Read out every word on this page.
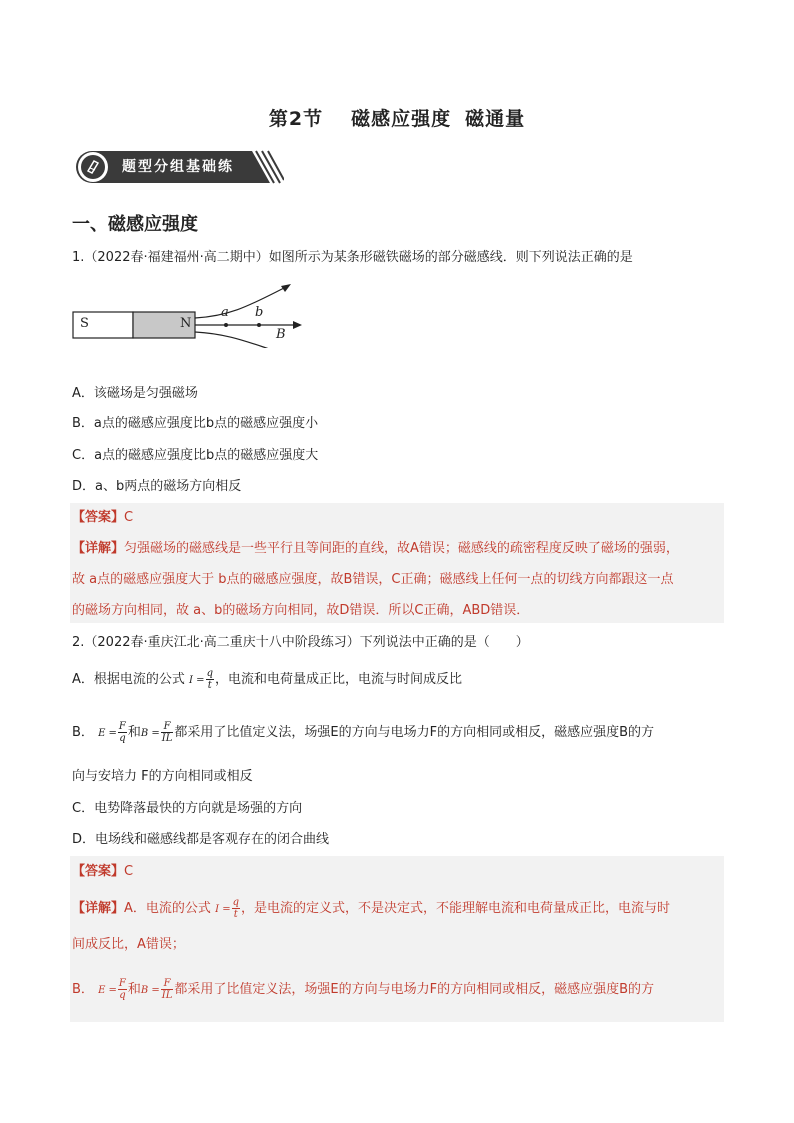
第2节 磁感应强度 磁通量
题型分组基础练
一、磁感应强度
1.（2022春·福建福州·高二期中）如图所示为某条形磁铁磁场的部分磁感线．则下列说法正确的是
S	N
a b
B
A．该磁场是匀强磁场
B．a点的磁感应强度比b点的磁感应强度小
C．a点的磁感应强度比b点的磁感应强度大
D．a、b两点的磁场方向相反
【答案】C
【详解】匀强磁场的磁感线是一些平行且等间距的直线，故A错误；磁感线的疏密程度反映了磁场的强弱，
故 a点的磁感应强度大于 b点的磁感应强度，故B错误，C正确；磁感线上任何一点的切线方向都跟这一点
的磁场方向相同，故 a、b的磁场方向相同，故D错误．所以C正确，ABD错误．
2.（2022春·重庆江北·高二重庆十八中阶段练习）下列说法中正确的是（　　）
A．根据电流的公式 $I = \frac{q}{t}$ ，电流和电荷量成正比，电流与时间成反比
B． $E = \frac{F}{q}$ 和$B = \frac{F}{IL}$ 都采用了比值定义法，场强E的方向与电场力F的方向相同或相反，磁感应强度B的方
向与安培力 F的方向相同或相反
C．电势降落最快的方向就是场强的方向
D．电场线和磁感线都是客观存在的闭合曲线
【答案】C
【详解】A．电流的公式 $I = \frac{q}{t}$ ，是电流的定义式，不是决定式，不能理解电流和电荷量成正比，电流与时
间成反比，A错误；
B． $E = \frac{F}{q}$ 和$B = \frac{F}{IL}$ 都采用了比值定义法，场强E的方向与电场力F的方向相同或相反，磁感应强度B的方
